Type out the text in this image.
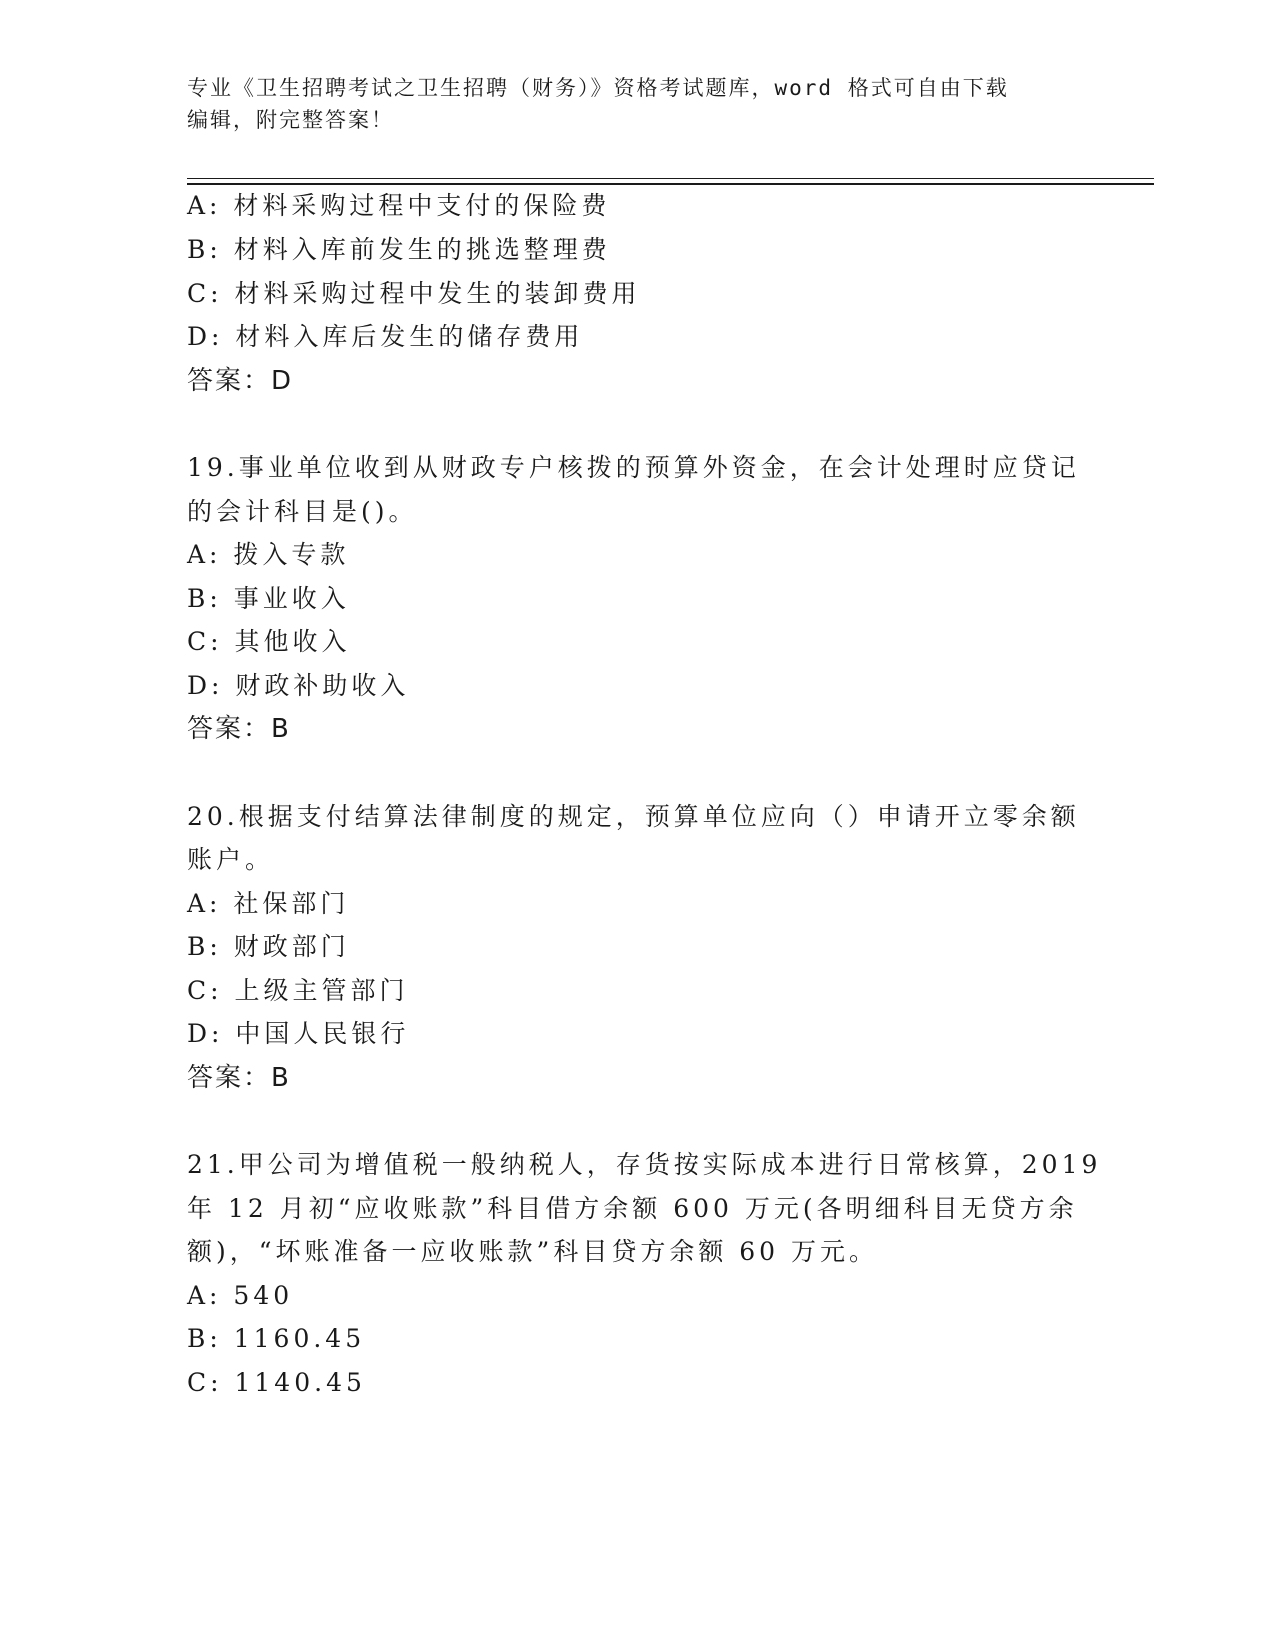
专业《卫生招聘考试之卫生招聘（财务）》资格考试题库，word 格式可自由下载
编辑，附完整答案！
A: 材料采购过程中支付的保险费
B: 材料入库前发生的挑选整理费
C: 材料采购过程中发生的装卸费用
D: 材料入库后发生的储存费用
答案：D
19.事业单位收到从财政专户核拨的预算外资金，在会计处理时应贷记
的会计科目是()。
A: 拨入专款
B: 事业收入
C: 其他收入
D: 财政补助收入
答案：B
20.根据支付结算法律制度的规定，预算单位应向（）申请开立零余额
账户。
A: 社保部门
B: 财政部门
C: 上级主管部门
D: 中国人民银行
答案：B
21.甲公司为增值税一般纳税人，存货按实际成本进行日常核算，2019
年 12 月初“应收账款”科目借方余额 600 万元(各明细科目无贷方余
额)，“坏账准备一应收账款”科目贷方余额 60 万元。
A: 540
B: 1160.45
C: 1140.45
